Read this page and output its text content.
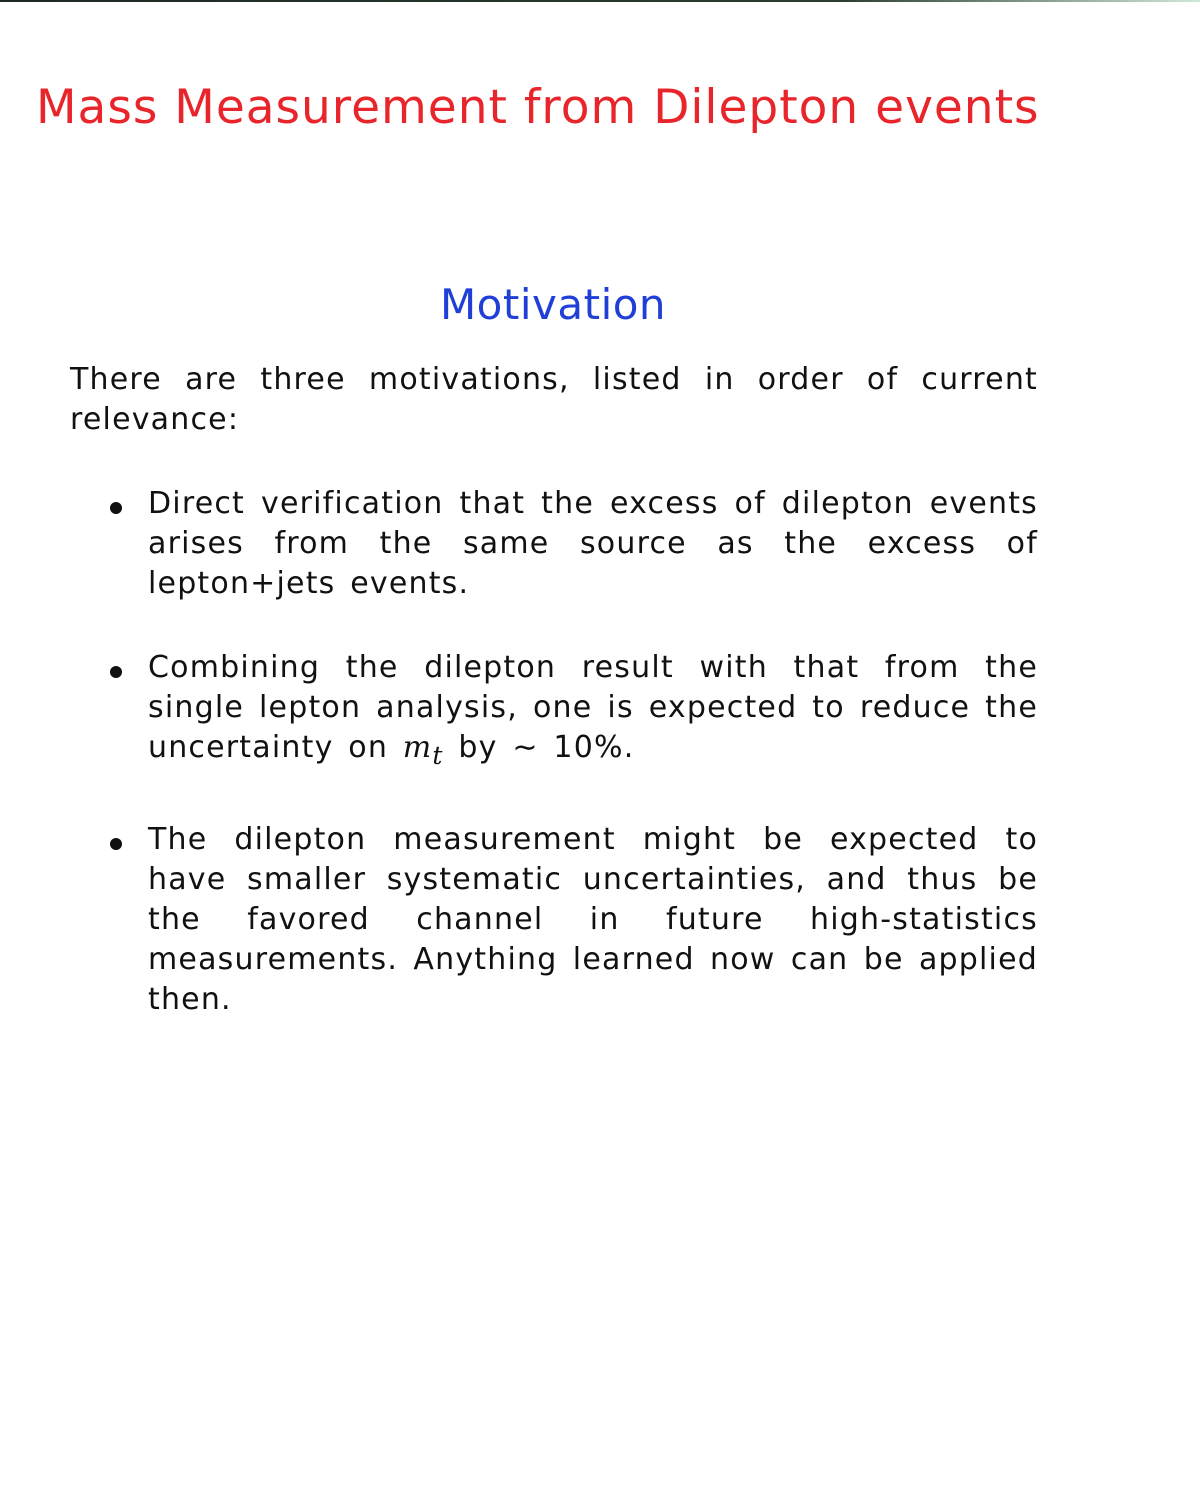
Mass Measurement from Dilepton events
Motivation

There are three motivations, listed in order of current relevance:

Direct verification that the excess of dilepton events arises from the same source as the excess of lepton+jets events.
Combining the dilepton result with that from the single lepton analysis, one is expected to reduce the uncertainty on $m_t$ by ∼ 10%.
The dilepton measurement might be expected to have smaller systematic uncertainties, and thus be the favored channel in future high-statistics measurements. Anything learned now can be applied then.
